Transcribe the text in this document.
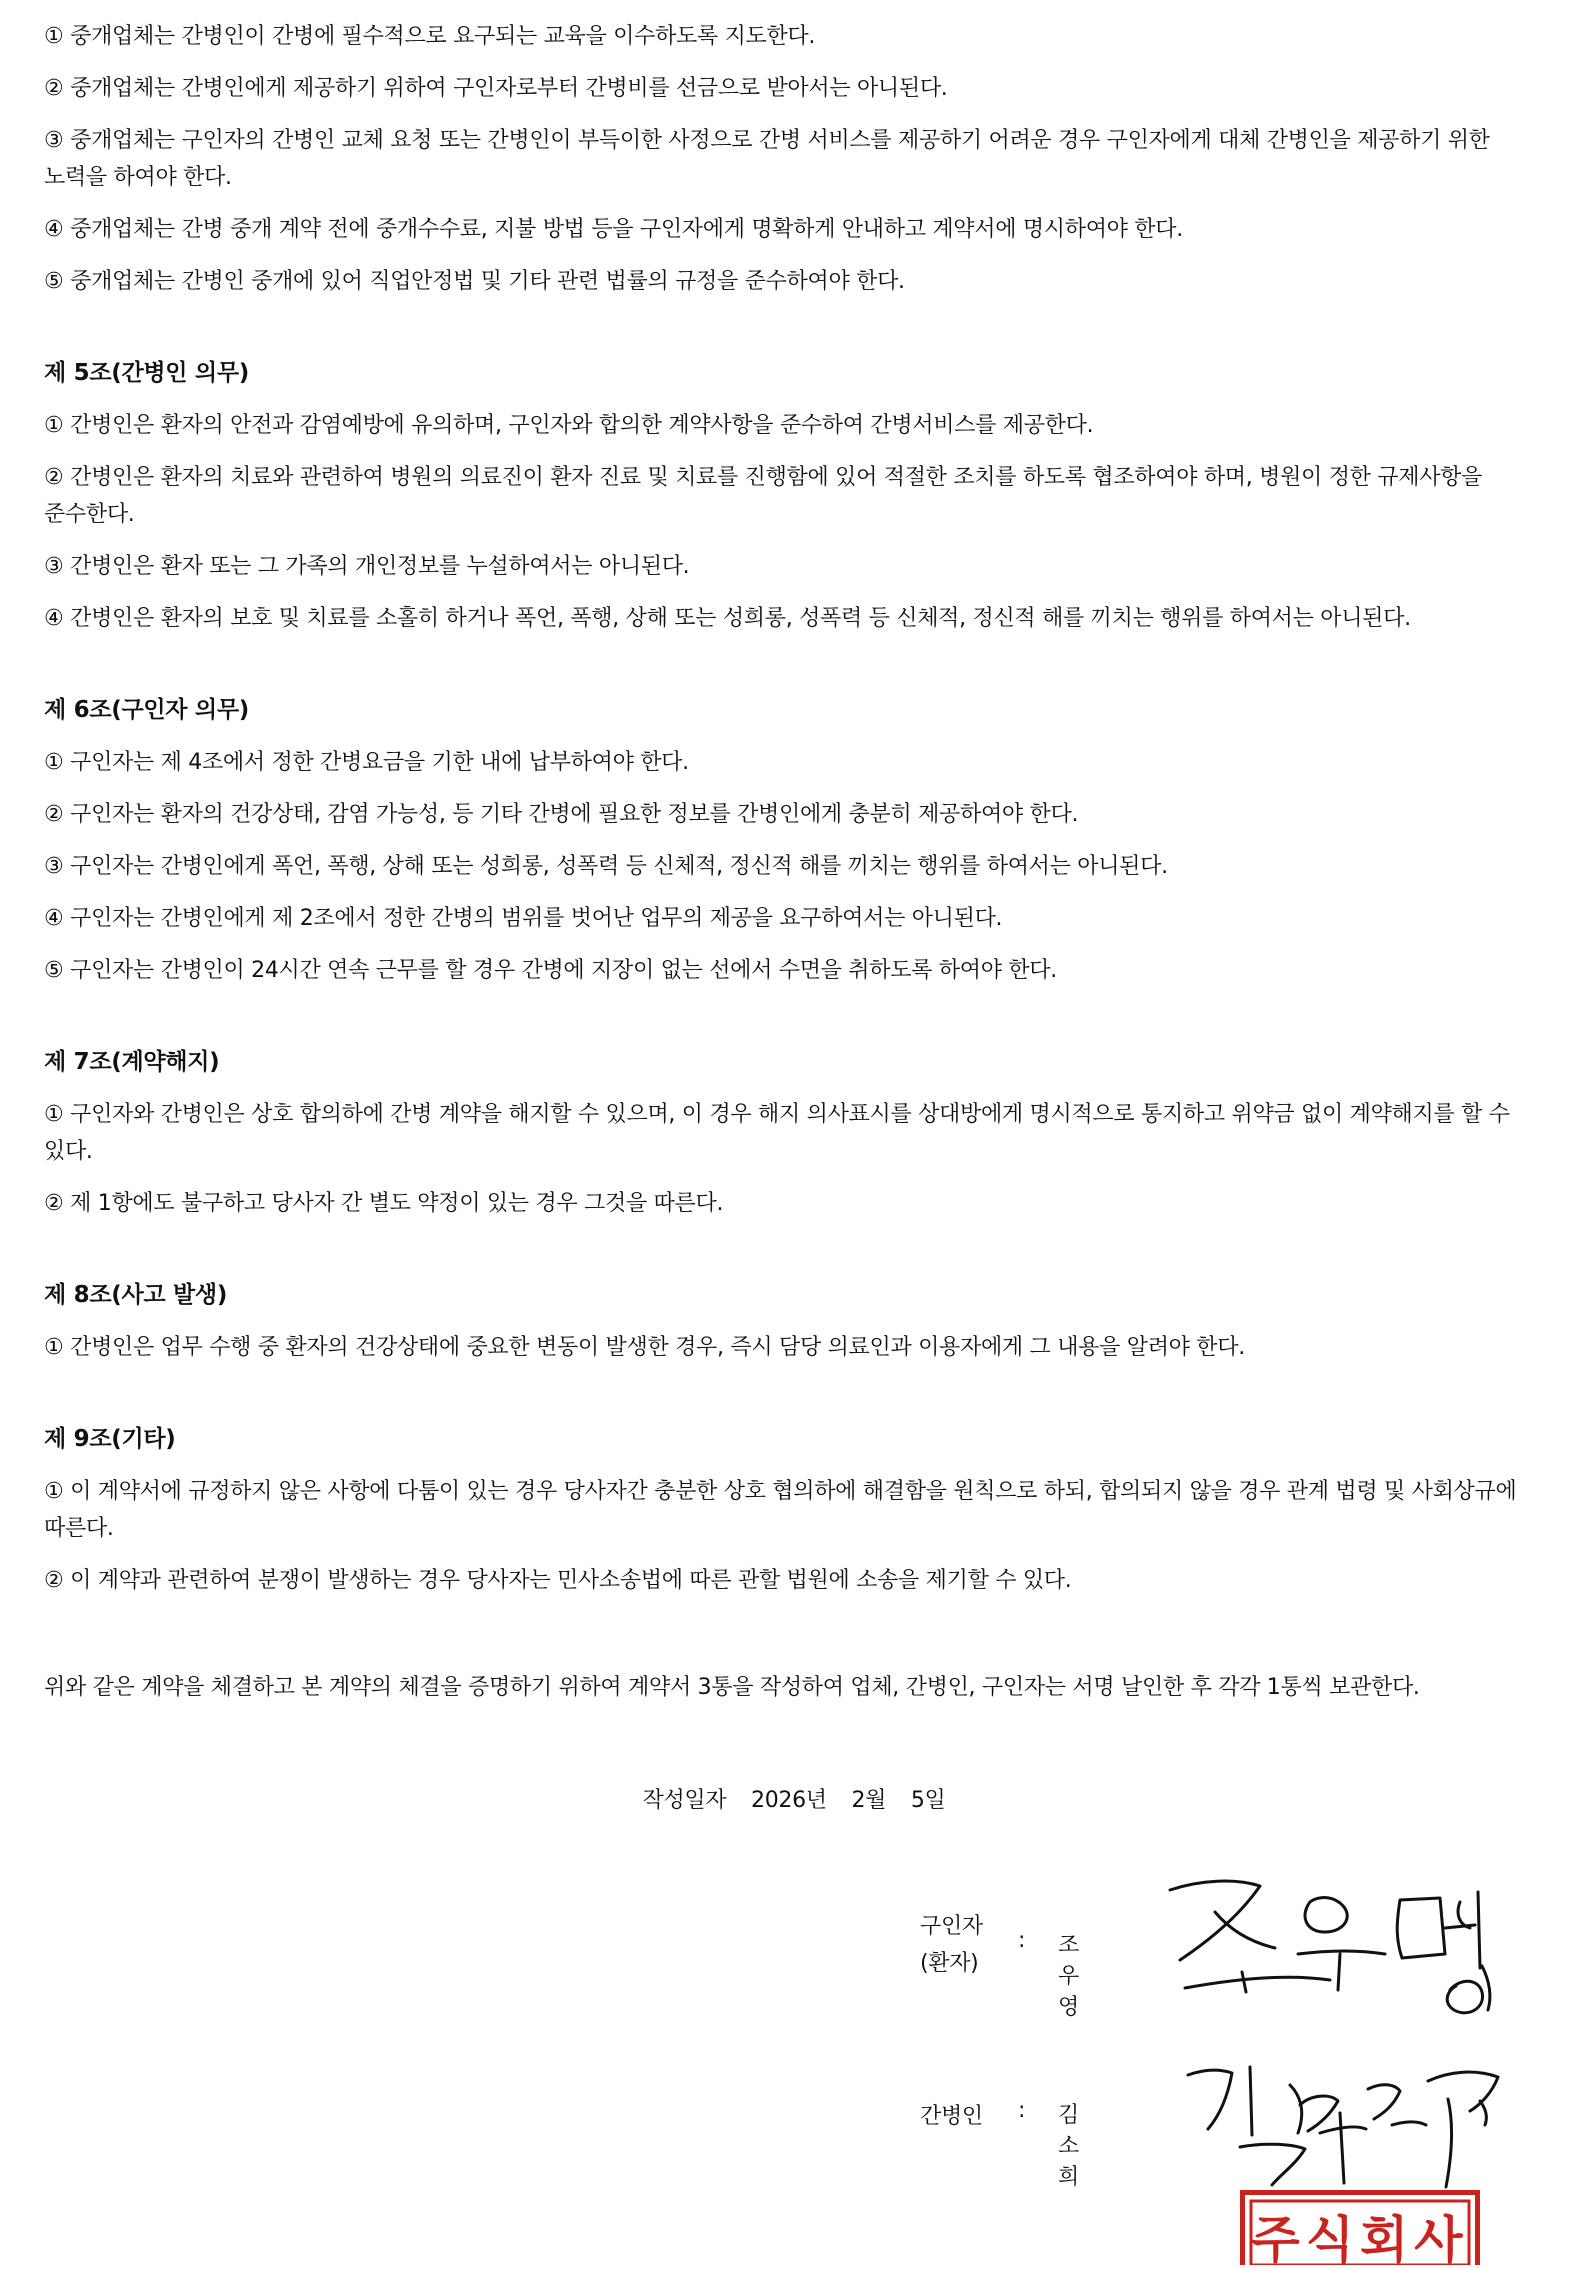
① 중개업체는 간병인이 간병에 필수적으로 요구되는 교육을 이수하도록 지도한다.

② 중개업체는 간병인에게 제공하기 위하여 구인자로부터 간병비를 선금으로 받아서는 아니된다.

③ 중개업체는 구인자의 간병인 교체 요청 또는 간병인이 부득이한 사정으로 간병 서비스를 제공하기 어려운 경우 구인자에게 대체 간병인을 제공하기 위한 노력을 하여야 한다.

④ 중개업체는 간병 중개 계약 전에 중개수수료, 지불 방법 등을 구인자에게 명확하게 안내하고 계약서에 명시하여야 한다.

⑤ 중개업체는 간병인 중개에 있어 직업안정법 및 기타 관련 법률의 규정을 준수하여야 한다.

제 5조(간병인 의무)

① 간병인은 환자의 안전과 감염예방에 유의하며, 구인자와 합의한 계약사항을 준수하여 간병서비스를 제공한다.

② 간병인은 환자의 치료와 관련하여 병원의 의료진이 환자 진료 및 치료를 진행함에 있어 적절한 조치를 하도록 협조하여야 하며, 병원이 정한 규제사항을 준수한다.

③ 간병인은 환자 또는 그 가족의 개인정보를 누설하여서는 아니된다.

④ 간병인은 환자의 보호 및 치료를 소홀히 하거나 폭언, 폭행, 상해 또는 성희롱, 성폭력 등 신체적, 정신적 해를 끼치는 행위를 하여서는 아니된다.

제 6조(구인자 의무)

① 구인자는 제 4조에서 정한 간병요금을 기한 내에 납부하여야 한다.

② 구인자는 환자의 건강상태, 감염 가능성, 등 기타 간병에 필요한 정보를 간병인에게 충분히 제공하여야 한다.

③ 구인자는 간병인에게 폭언, 폭행, 상해 또는 성희롱, 성폭력 등 신체적, 정신적 해를 끼치는 행위를 하여서는 아니된다.

④ 구인자는 간병인에게 제 2조에서 정한 간병의 범위를 벗어난 업무의 제공을 요구하여서는 아니된다.

⑤ 구인자는 간병인이 24시간 연속 근무를 할 경우 간병에 지장이 없는 선에서 수면을 취하도록 하여야 한다.

제 7조(계약해지)

① 구인자와 간병인은 상호 합의하에 간병 계약을 해지할 수 있으며, 이 경우 해지 의사표시를 상대방에게 명시적으로 통지하고 위약금 없이 계약해지를 할 수 있다.

② 제 1항에도 불구하고 당사자 간 별도 약정이 있는 경우 그것을 따른다.

제 8조(사고 발생)

① 간병인은 업무 수행 중 환자의 건강상태에 중요한 변동이 발생한 경우, 즉시 담당 의료인과 이용자에게 그 내용을 알려야 한다.

제 9조(기타)

① 이 계약서에 규정하지 않은 사항에 다툼이 있는 경우 당사자간 충분한 상호 협의하에 해결함을 원칙으로 하되, 합의되지 않을 경우 관계 법령 및 사회상규에 따른다.

② 이 계약과 관련하여 분쟁이 발생하는 경우 당사자는 민사소송법에 따른 관할 법원에 소송을 제기할 수 있다.

위와 같은 계약을 체결하고 본 계약의 체결을 증명하기 위하여 계약서 3통을 작성하여 업체, 간병인, 구인자는 서명 날인한 후 각각 1통씩 보관한다.

작성일자 2026년 2월 5일
구인자
(환자)
: 조우영
간병인	: 김소희
주식회사
